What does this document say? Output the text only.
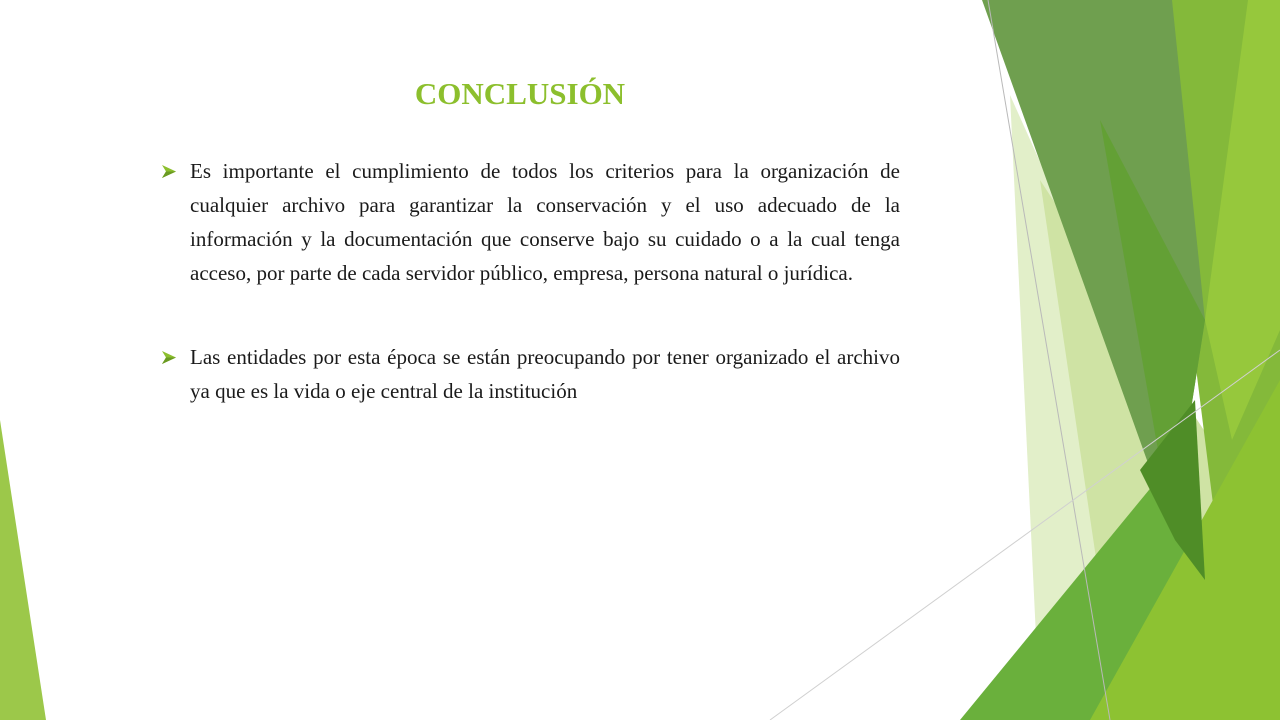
CONCLUSIÓN
Es importante el cumplimiento de todos los criterios para la organización de cualquier archivo para garantizar la conservación y el uso adecuado de la información y la documentación que conserve bajo su cuidado o a la cual tenga acceso, por parte de cada servidor público, empresa, persona natural o jurídica.
Las entidades por esta época se están preocupando por tener organizado el archivo ya que es la vida o eje central de la institución
